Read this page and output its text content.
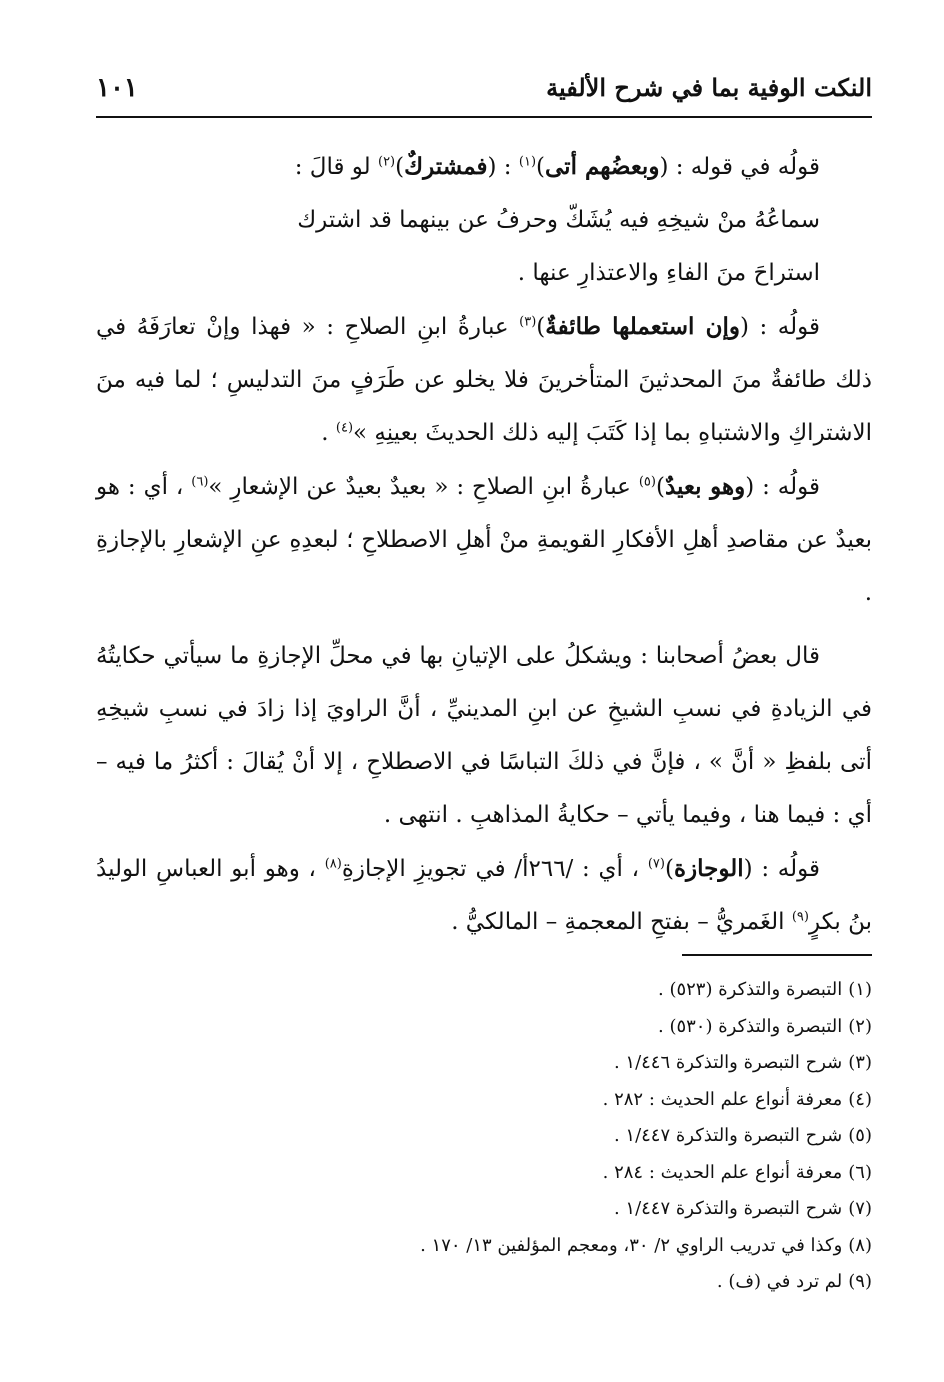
النكت الوفية بما في شرح الألفية
١٠١

قولُه في قوله : (وبعضُهم أتى)$^{(١)}$ : (فمشتركٌ)$^{(٢)}$ لو قالَ :

سماعُهُ منْ شيخِهِ فيه يُشَكّ وحرفُ عن بينهما قد اشترك

استراحَ منَ الفاءِ والاعتذارِ عنها .

قولُه : (وإن استعملها طائفةٌ)$^{(٣)}$ عبارةُ ابنِ الصلاحِ : « فهذا وإنْ تعارَفَهُ في ذلك طائفةٌ منَ المحدثينَ المتأخرينَ فلا يخلو عن طَرَفٍ منَ التدليسِ ؛ لما فيه منَ الاشتراكِ والاشتباهِ بما إذا كَتَبَ إليه ذلك الحديثَ بعينِهِ »$^{(٤)}$ .

قولُه : (وهو بعيدٌ)$^{(٥)}$ عبارةُ ابنِ الصلاحِ : « بعيدٌ بعيدٌ عن الإشعارِ »$^{(٦)}$ ، أي : هو بعيدٌ عن مقاصدِ أهلِ الأفكارِ القويمةِ منْ أهلِ الاصطلاحِ ؛ لبعدِهِ عنِ الإشعارِ بالإجازةِ .

قال بعضُ أصحابنا : ويشكلُ على الإتيانِ بها في محلِّ الإجازةِ ما سيأتي حكايتُهُ في الزيادةِ في نسبِ الشيخِ عن ابنِ المدينيِّ ، أنَّ الراويَ إذا زادَ في نسبِ شيخِهِ أتى بلفظِ « أنَّ » ، فإنَّ في ذلكَ التباسًا في الاصطلاحِ ، إلا أنْ يُقالَ : أكثرُ ما فيه – أي : فيما هنا ، وفيما يأتي – حكايةُ المذاهبِ . انتهى .

قولُه : (الوجازة)$^{(٧)}$ ، أي : /٢٦٦أ/ في تجويزِ الإجازةِ$^{(٨)}$ ، وهو أبو العباسِ الوليدُ بنُ بكرٍ$^{(٩)}$ الغَمريُّ – بفتحِ المعجمةِ – المالكيُّ .

(١)التبصرة والتذكرة (٥٢٣) .
(٢)التبصرة والتذكرة (٥٣٠) .
(٣)شرح التبصرة والتذكرة ١/٤٤٦ .
(٤)معرفة أنواع علم الحديث : ٢٨٢ .
(٥)شرح التبصرة والتذكرة ١/٤٤٧ .
(٦)معرفة أنواع علم الحديث : ٢٨٤ .
(٧)شرح التبصرة والتذكرة ١/٤٤٧ .
(٨)وكذا في تدريب الراوي ٢/ ٣٠، ومعجم المؤلفين ١٣/ ١٧٠ .
(٩)لم ترد في (ف) .
